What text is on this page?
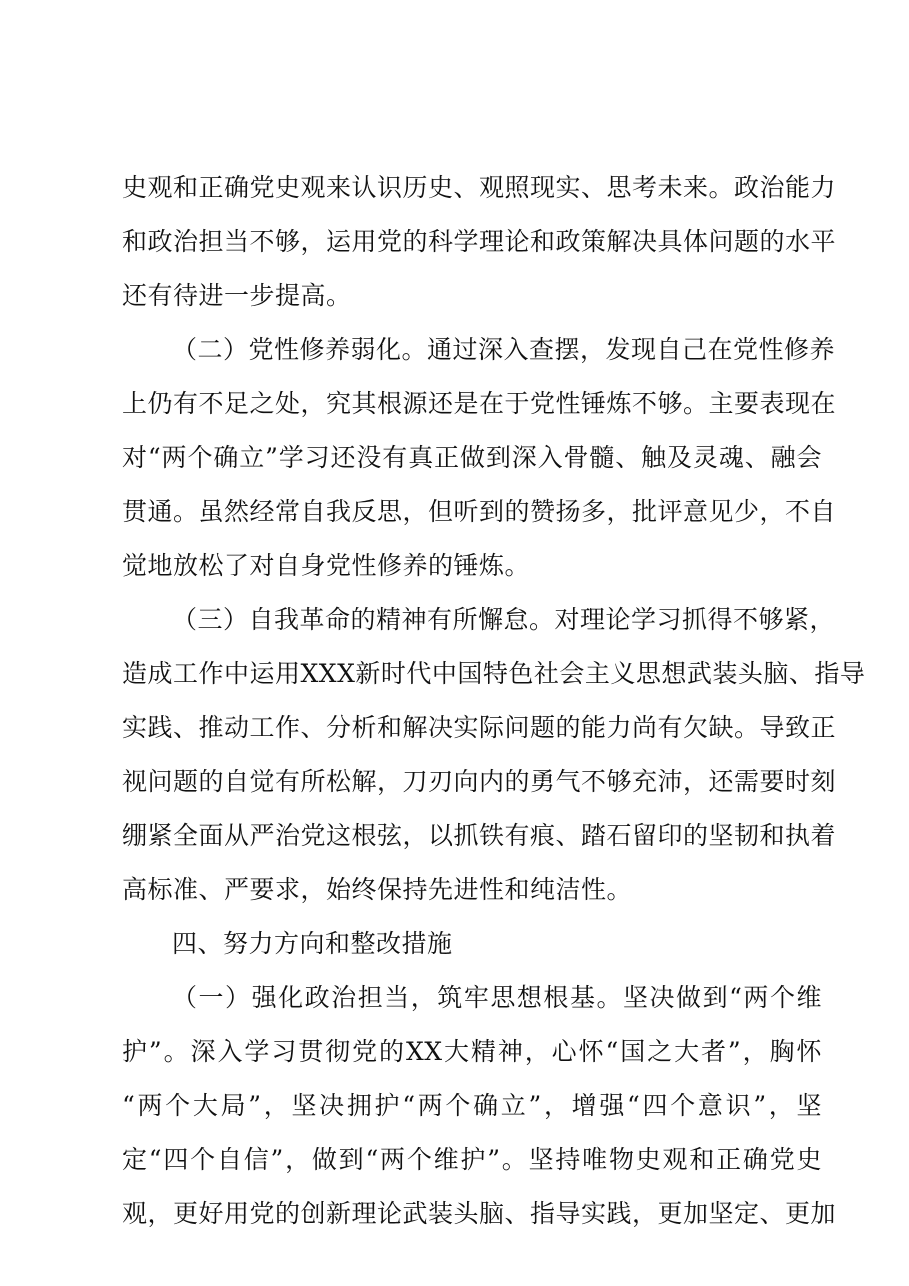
史观和正确党史观来认识历史、观照现实、思考未来。政治能力
和政治担当不够，运用党的科学理论和政策解决具体问题的水平
还有待进一步提高。
（二）党性修养弱化。通过深入查摆，发现自己在党性修养
上仍有不足之处，究其根源还是在于党性锤炼不够。主要表现在
对“两个确立”学习还没有真正做到深入骨髓、触及灵魂、融会
贯通。虽然经常自我反思，但听到的赞扬多，批评意见少，不自
觉地放松了对自身党性修养的锤炼。
（三）自我革命的精神有所懈怠。对理论学习抓得不够紧，
造成工作中运用XXX新时代中国特色社会主义思想武装头脑、指导
实践、推动工作、分析和解决实际问题的能力尚有欠缺。导致正
视问题的自觉有所松解，刀刃向内的勇气不够充沛，还需要时刻
绷紧全面从严治党这根弦，以抓铁有痕、踏石留印的坚韧和执着
高标准、严要求，始终保持先进性和纯洁性。
四、努力方向和整改措施
（一）强化政治担当，筑牢思想根基。坚决做到“两个维
护”。深入学习贯彻党的XX大精神，心怀“国之大者”，胸怀
“两个大局”，坚决拥护“两个确立”，增强“四个意识”，坚
定“四个自信”，做到“两个维护”。坚持唯物史观和正确党史
观，更好用党的创新理论武装头脑、指导实践，更加坚定、更加
